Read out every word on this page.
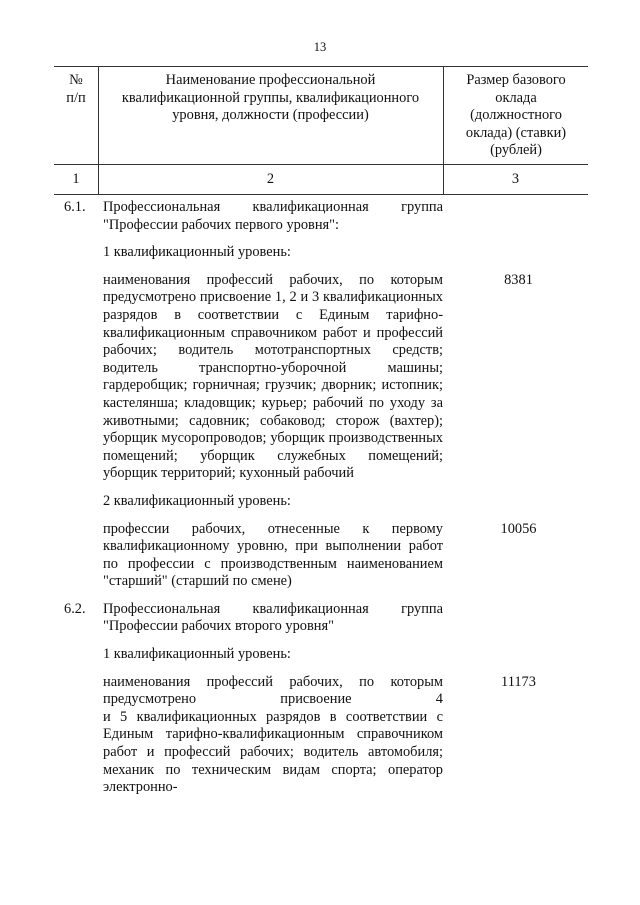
13
№
п/п
Наименование профессиональной квалификационной группы, квалификационного уровня, должности (профессии)
Размер базового оклада (должностного оклада) (ставки) (рублей)
1	2	3
6.1. Профессиональная квалификационная группа "Профессии рабочих первого уровня":
1 квалификационный уровень:
наименования профессий рабочих, по которым предусмотрено присвоение 1, 2 и 3 квалификационных разрядов в соответствии с Единым тарифно-квалификационным справочником работ и профессий рабочих; водитель мототранспортных средств; водитель транспортно-уборочной машины; гардеробщик; горничная; грузчик; дворник; истопник; кастелянша; кладовщик; курьер; рабочий по уходу за животными; садовник; собаковод; сторож (вахтер); уборщик мусоропроводов; уборщик производственных помещений; уборщик служебных помещений; уборщик территорий; кухонный рабочий
8381
2 квалификационный уровень:
профессии рабочих, отнесенные к первому квалификационному уровню, при выполнении работ по профессии с производственным наименованием "старший" (старший по смене)
10056
6.2. Профессиональная квалификационная группа "Профессии рабочих второго уровня"
1 квалификационный уровень:
наименования профессий рабочих, по которым предусмотрено присвоение 4
и 5 квалификационных разрядов в соответствии с Единым тарифно-квалификационным справочником работ и профессий рабочих; водитель автомобиля; механик по техническим видам спорта; оператор электронно-
11173
